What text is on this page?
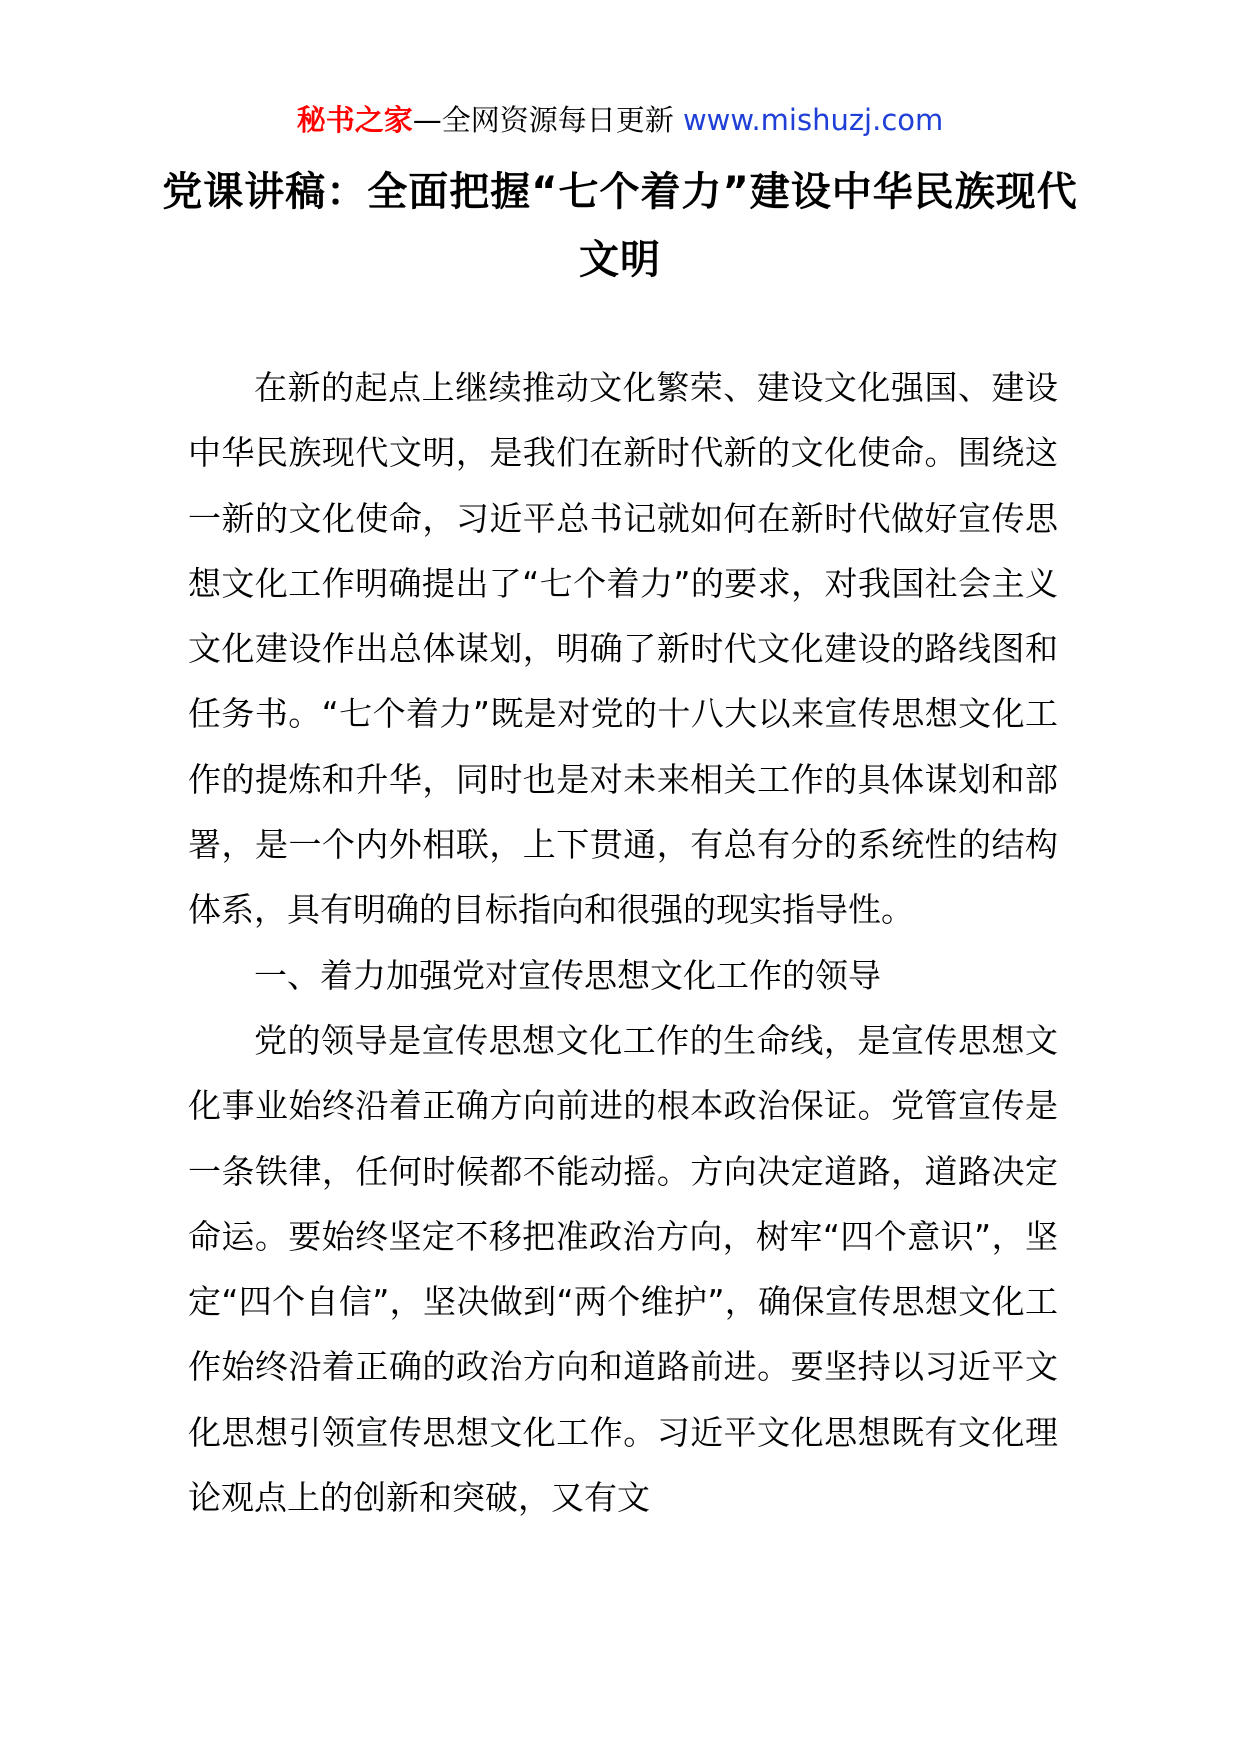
秘书之家—全网资源每日更新 www.mishuzj.com
党课讲稿：全面把握“七个着力”建设中华民族现代文明

在新的起点上继续推动文化繁荣、建设文化强国、建设中华民族现代文明，是我们在新时代新的文化使命。围绕这一新的文化使命，习近平总书记就如何在新时代做好宣传思想文化工作明确提出了“七个着力”的要求，对我国社会主义文化建设作出总体谋划，明确了新时代文化建设的路线图和任务书。“七个着力”既是对党的十八大以来宣传思想文化工作的提炼和升华，同时也是对未来相关工作的具体谋划和部署，是一个内外相联，上下贯通，有总有分的系统性的结构体系，具有明确的目标指向和很强的现实指导性。

一、着力加强党对宣传思想文化工作的领导

党的领导是宣传思想文化工作的生命线，是宣传思想文化事业始终沿着正确方向前进的根本政治保证。党管宣传是一条铁律，任何时候都不能动摇。方向决定道路，道路决定命运。要始终坚定不移把准政治方向，树牢“四个意识”，坚定“四个自信”，坚决做到“两个维护”，确保宣传思想文化工作始终沿着正确的政治方向和道路前进。要坚持以习近平文化思想引领宣传思想文化工作。习近平文化思想既有文化理论观点上的创新和突破，又有文
